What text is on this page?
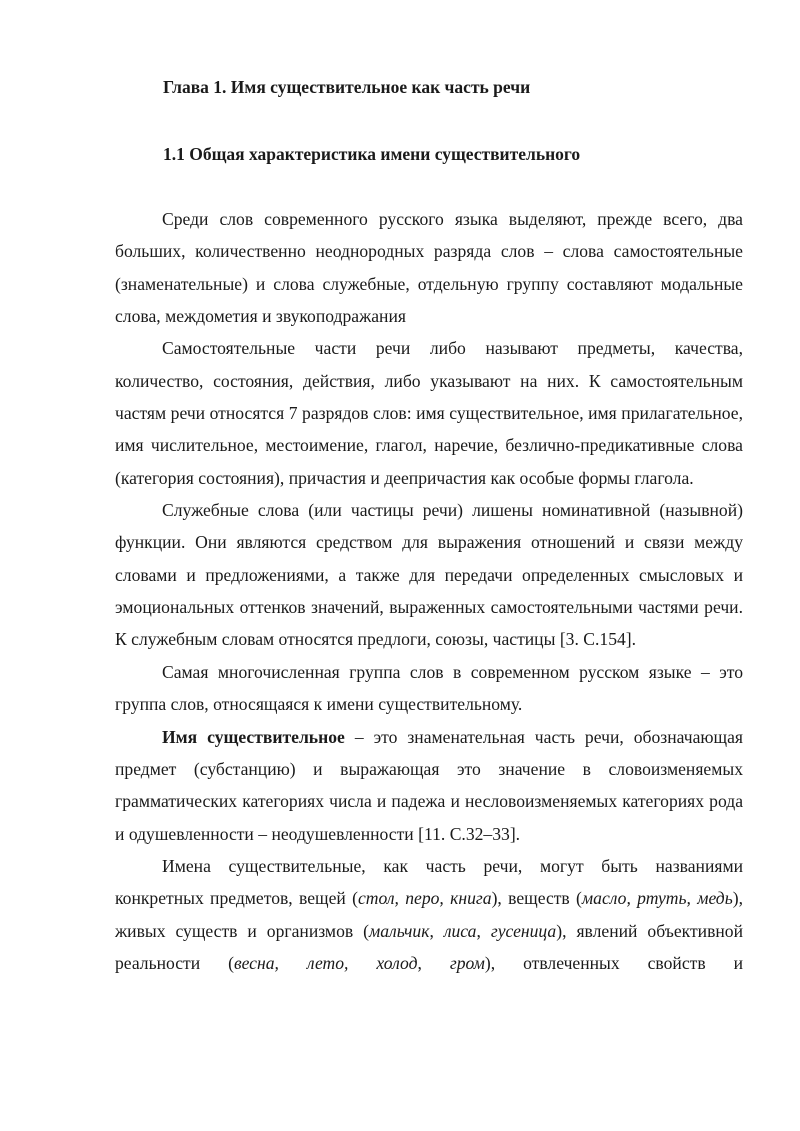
Глава 1. Имя существительное как часть речи
1.1 Общая характеристика имени существительного

Среди слов современного русского языка выделяют, прежде всего, два больших, количественно неоднородных разряда слов – слова самостоятельные (знаменательные) и слова служебные, отдельную группу составляют модальные слова, междометия и звукоподражания

Самостоятельные части речи либо называют предметы, качества, количество, состояния, действия, либо указывают на них. К самостоятельным частям речи относятся 7 разрядов слов: имя существительное, имя прилагательное, имя числительное, местоимение, глагол, наречие, безлично-предикативные слова (категория состояния), причастия и деепричастия как особые формы глагола.

Служебные слова (или частицы речи) лишены номинативной (назывной) функции. Они являются средством для выражения отношений и связи между словами и предложениями, а также для передачи определенных смысловых и эмоциональных оттенков значений, выраженных самостоятельными частями речи. К служебным словам относятся предлоги, союзы, частицы [3. С.154].

Самая многочисленная группа слов в современном русском языке – это группа слов, относящаяся к имени существительному.

Имя существительное – это знаменательная часть речи, обозначающая предмет (субстанцию) и выражающая это значение в словоизменяемых грамматических категориях числа и падежа и несловоизменяемых категориях рода и одушевленности – неодушевленности [11. С.32–33].

Имена существительные, как часть речи, могут быть названиями конкретных предметов, вещей (стол, перо, книга), веществ (масло, ртуть, медь), живых существ и организмов (мальчик, лиса, гусеница), явлений объективной реальности (весна, лето, холод, гром), отвлеченных свойств и
